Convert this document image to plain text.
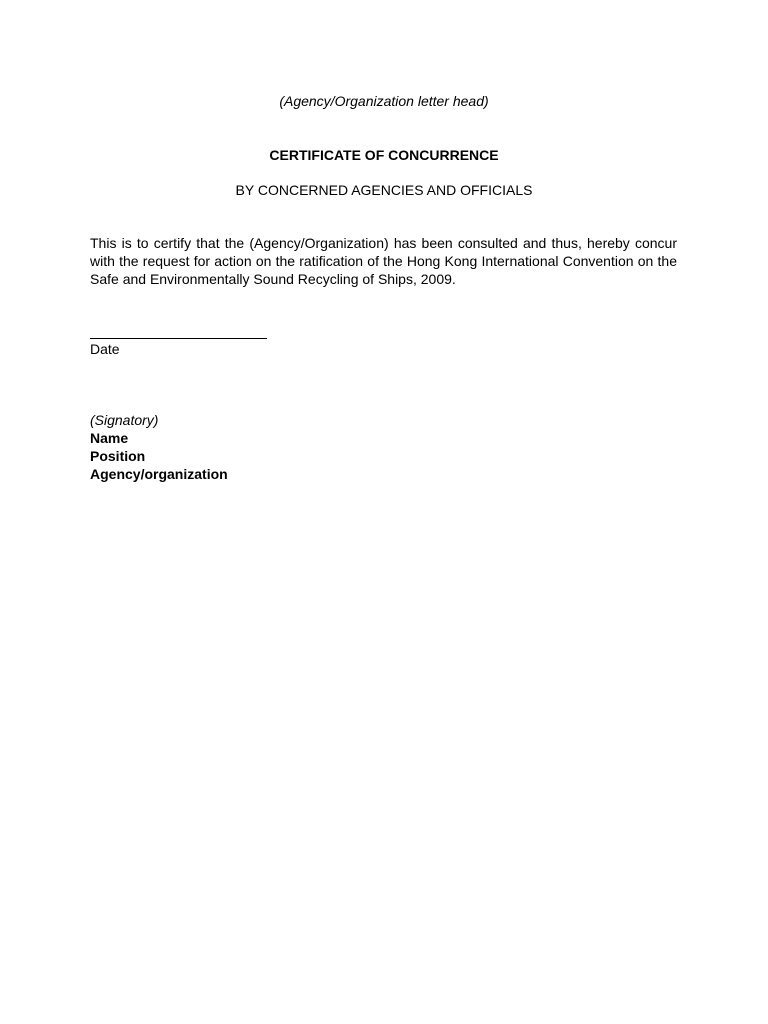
(Agency/Organization letter head)
CERTIFICATE OF CONCURRENCE
BY CONCERNED AGENCIES AND OFFICIALS
This is to certify that the (Agency/Organization) has been consulted and thus, hereby concur with the request for action on the ratification of the Hong Kong International Convention on the Safe and Environmentally Sound Recycling of Ships, 2009.
Date
(Signatory)
Name
Position
Agency/organization
